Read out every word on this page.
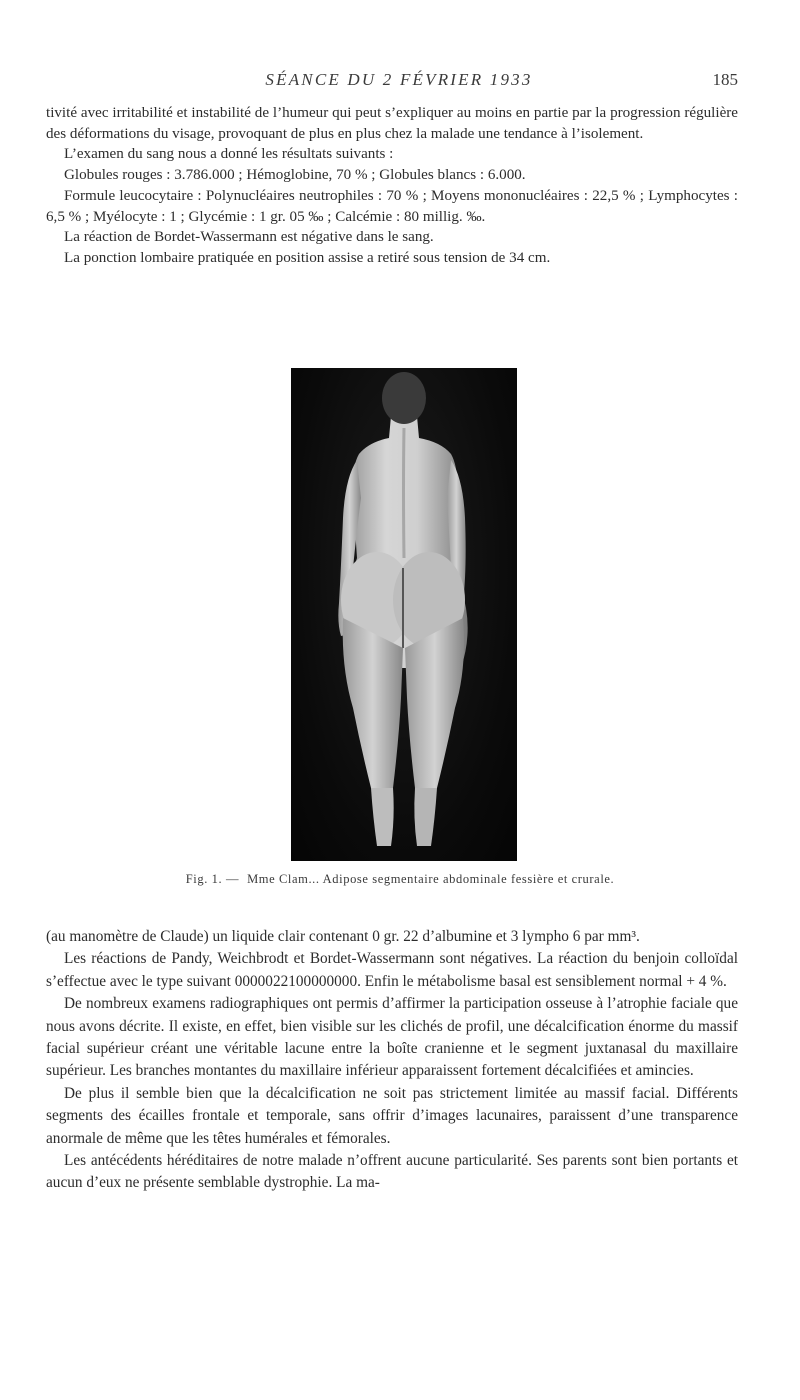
SÉANCE DU 2 FÉVRIER 1933	185

tivité avec irritabilité et instabilité de l’humeur qui peut s’expliquer au moins en partie par la progression régulière des déformations du visage, provoquant de plus en plus chez la malade une tendance à l’isolement.

L’examen du sang nous a donné les résultats suivants :

Globules rouges : 3.786.000 ; Hémoglobine, 70 % ; Globules blancs : 6.000.

Formule leucocytaire : Polynucléaires neutrophiles : 70 % ; Moyens mononucléaires : 22,5 % ; Lymphocytes : 6,5 % ; Myélocyte : 1 ; Glycémie : 1 gr. 05 ‰ ; Calcémie : 80 millig. ‰.

La réaction de Bordet-Wassermann est négative dans le sang.

La ponction lombaire pratiquée en position assise a retiré sous tension de 34 cm.

Fig. 1. — Mme Clam... Adipose segmentaire abdominale fessière et crurale.

(au manomètre de Claude) un liquide clair contenant 0 gr. 22 d’albumine et 3 lympho 6 par mm³.

Les réactions de Pandy, Weichbrodt et Bordet-Wassermann sont négatives. La réaction du benjoin colloïdal s’effectue avec le type suivant 0000022100000000. Enfin le métabolisme basal est sensiblement normal + 4 %.

De nombreux examens radiographiques ont permis d’affirmer la participation osseuse à l’atrophie faciale que nous avons décrite. Il existe, en effet, bien visible sur les clichés de profil, une décalcification énorme du massif facial supérieur créant une véritable lacune entre la boîte cranienne et le segment juxtanasal du maxillaire supérieur. Les branches montantes du maxillaire inférieur apparaissent fortement décalcifiées et amincies.

De plus il semble bien que la décalcification ne soit pas strictement limitée au massif facial. Différents segments des écailles frontale et temporale, sans offrir d’images lacunaires, paraissent d’une transparence anormale de même que les têtes humérales et fémorales.

Les antécédents héréditaires de notre malade n’offrent aucune particularité. Ses parents sont bien portants et aucun d’eux ne présente semblable dystrophie. La ma-
